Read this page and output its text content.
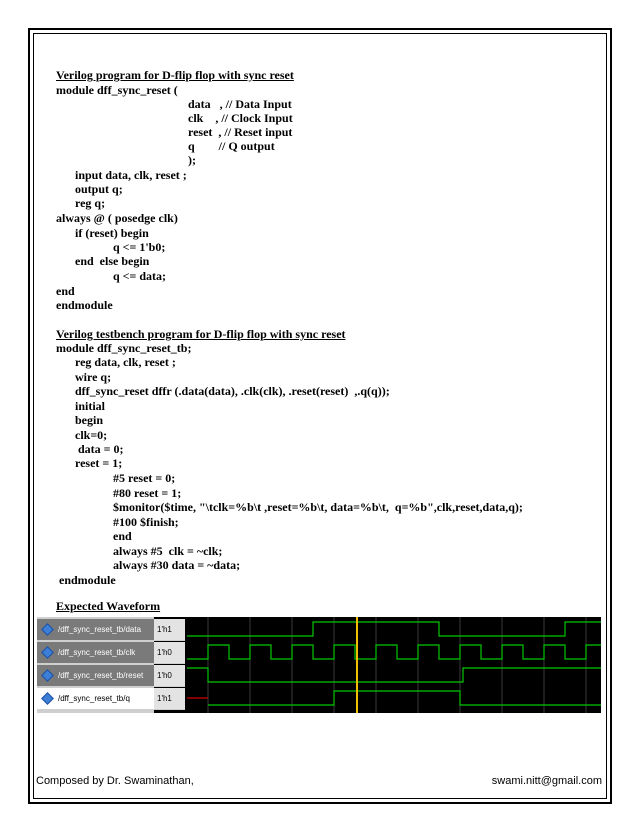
Verilog program for D-flip flop with sync reset
module dff_sync_reset (
data   , // Data Input
clk    , // Clock Input
reset  , // Reset input
q        // Q output
);
input data, clk, reset ;
output q;
reg q;
always @ ( posedge clk)
if (reset) begin
q <= 1'b0;
end  else begin
q <= data;
end
endmodule
Verilog testbench program for D-flip flop with sync reset
module dff_sync_reset_tb;
reg data, clk, reset ;
wire q;
dff_sync_reset dffr (.data(data), .clk(clk), .reset(reset)  ,.q(q));
initial
begin
clk=0;
data = 0;
reset = 1;
#5 reset = 0;
#80 reset = 1;
$monitor($time, "\tclk=%b\t ,reset=%b\t, data=%b\t,  q=%b",clk,reset,data,q);
#100 $finish;
end
always #5  clk = ~clk;
always #30 data = ~data;
endmodule
Expected Waveform
/dff_sync_reset_tb/data
/dff_sync_reset_tb/clk
/dff_sync_reset_tb/reset
/dff_sync_reset_tb/q
1'h1
1'h0
1'h0
1'h1
Composed by Dr. Swaminathan,	swami.nitt@gmail.com
